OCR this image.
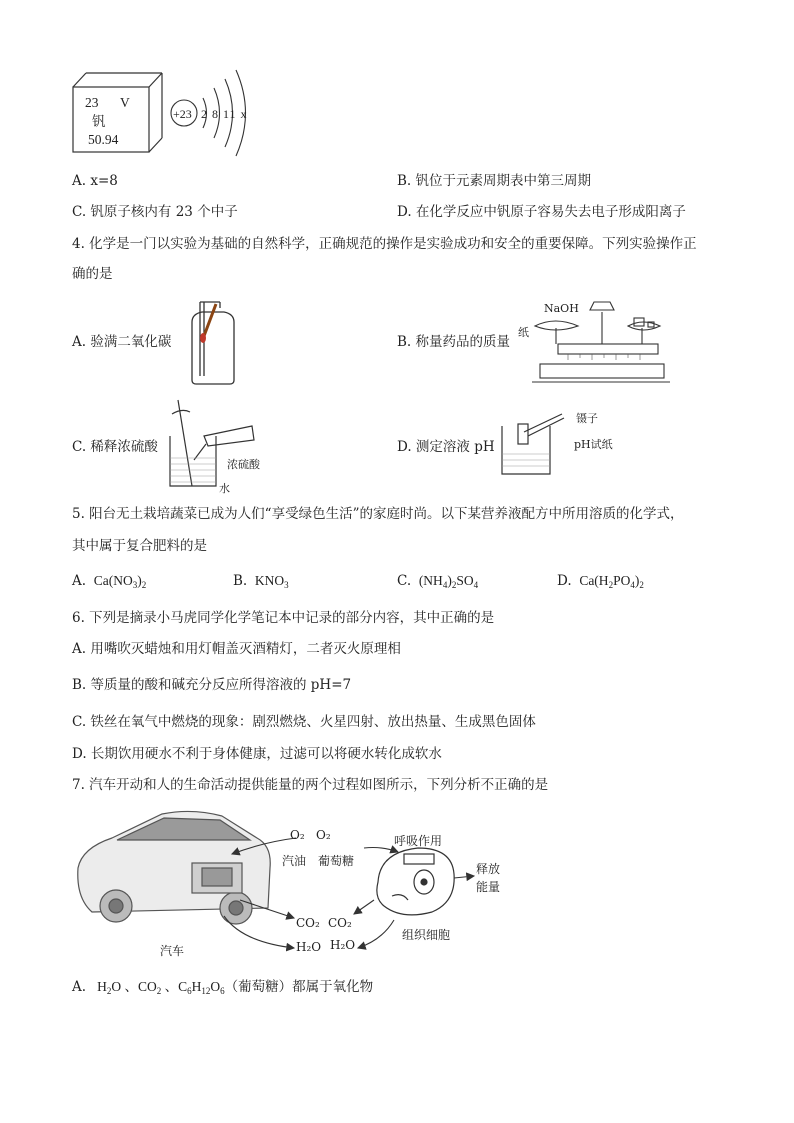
23 V
钒
50.94
+23 2 8 11 x
A. x=8	B. 钒位于元素周期表中第三周期
C. 钒原子核内有 23 个中子	D. 在化学反应中钒原子容易失去电子形成阳离子
4. 化学是一门以实验为基础的自然科学，正确规范的操作是实验成功和安全的重要保障。下列实验操作正
确的是
A. 验满二氧化碳	B. 称量药品的质量
NaOH
纸
C. 稀释浓硫酸
浓硫酸
水
D. 测定溶液 pH
镊子
pH试纸
5. 阳台无土栽培蔬菜已成为人们“享受绿色生活”的家庭时尚。以下某营养液配方中所用溶质的化学式，
其中属于复合肥料的是
A.  $Ca(NO_3)_2$	B.  $KNO_3$	C.  $(NH_4)_2SO_4$	D.  $Ca(H_2PO_4)_2$
6. 下列是摘录小马虎同学化学笔记本中记录的部分内容，其中正确的是
A. 用嘴吹灭蜡烛和用灯帽盖灭酒精灯，二者灭火原理相
B. 等质量的酸和碱充分反应所得溶液的 pH=7
C. 铁丝在氧气中燃烧的现象：剧烈燃烧、火星四射、放出热量、生成黑色固体
D. 长期饮用硬水不利于身体健康，过滤可以将硬水转化成软水
7. 汽车开动和人的生命活动提供能量的两个过程如图所示，下列分析不正确的是
O₂ O₂	呼吸作用
汽油 葡萄糖
释放
能量
CO₂ CO₂
组织细胞
汽车	H₂O H₂O
A.   $H_2O$ 、$CO_2$ 、$C_6H_{12}O_6$（葡萄糖）都属于氧化物
